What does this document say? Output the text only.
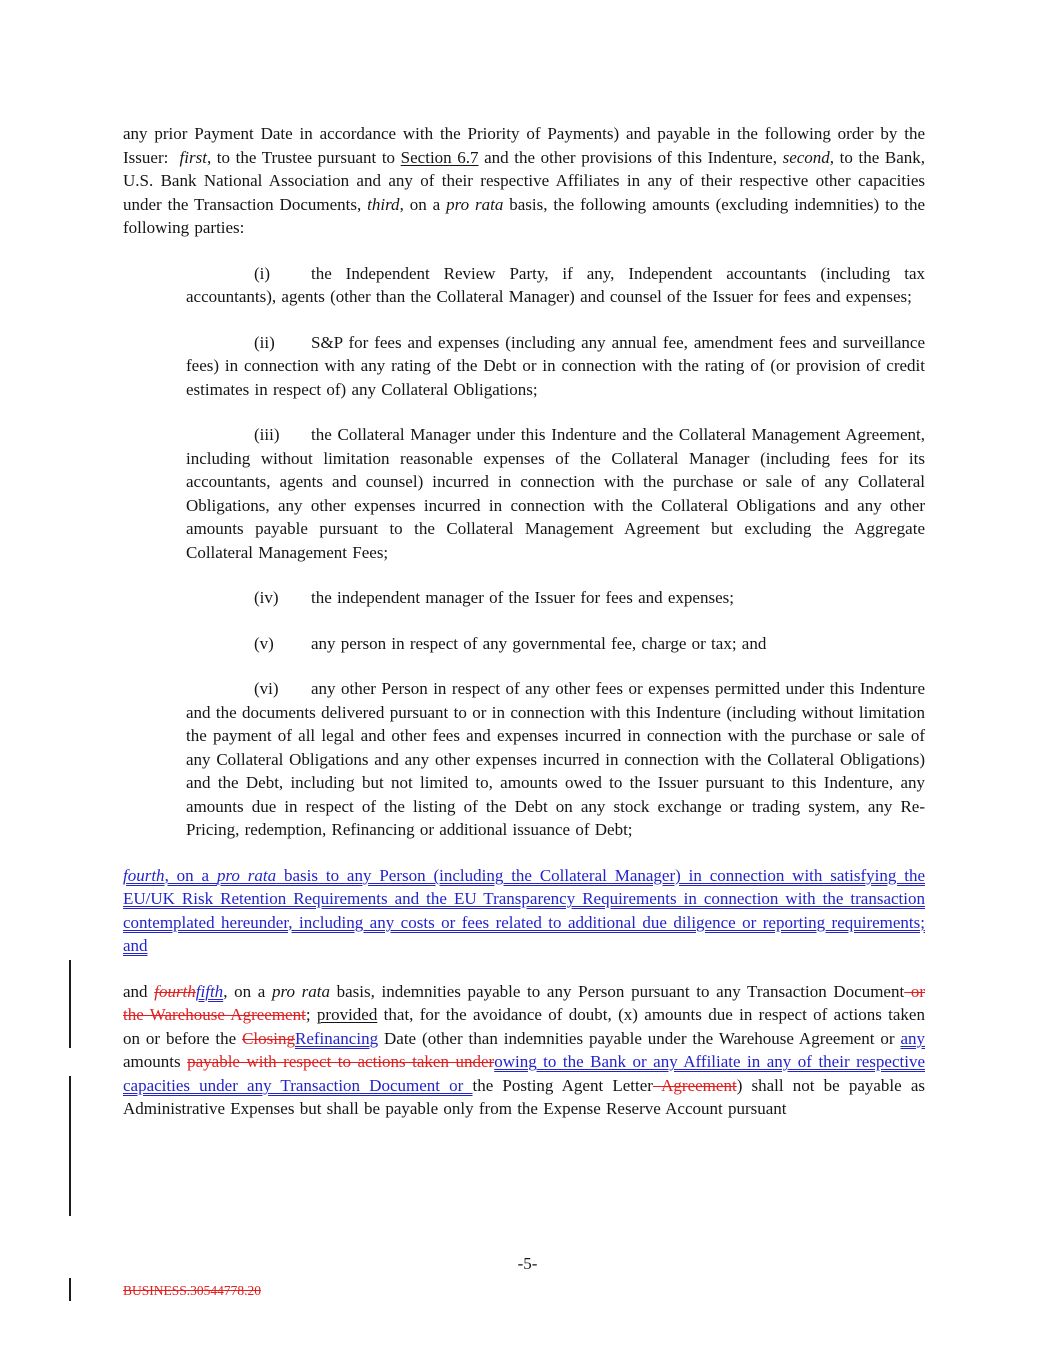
any prior Payment Date in accordance with the Priority of Payments) and payable in the following order by the Issuer:  first, to the Trustee pursuant to Section 6.7 and the other provisions of this Indenture, second, to the Bank, U.S. Bank National Association and any of their respective Affiliates in any of their respective other capacities under the Transaction Documents, third, on a pro rata basis, the following amounts (excluding indemnities) to the following parties:
(i) the Independent Review Party, if any, Independent accountants (including tax accountants), agents (other than the Collateral Manager) and counsel of the Issuer for fees and expenses;
(ii) S&P for fees and expenses (including any annual fee, amendment fees and surveillance fees) in connection with any rating of the Debt or in connection with the rating of (or provision of credit estimates in respect of) any Collateral Obligations;
(iii) the Collateral Manager under this Indenture and the Collateral Management Agreement, including without limitation reasonable expenses of the Collateral Manager (including fees for its accountants, agents and counsel) incurred in connection with the purchase or sale of any Collateral Obligations, any other expenses incurred in connection with the Collateral Obligations and any other amounts payable pursuant to the Collateral Management Agreement but excluding the Aggregate Collateral Management Fees;
(iv) the independent manager of the Issuer for fees and expenses;
(v) any person in respect of any governmental fee, charge or tax; and
(vi) any other Person in respect of any other fees or expenses permitted under this Indenture and the documents delivered pursuant to or in connection with this Indenture (including without limitation the payment of all legal and other fees and expenses incurred in connection with the purchase or sale of any Collateral Obligations and any other expenses incurred in connection with the Collateral Obligations) and the Debt, including but not limited to, amounts owed to the Issuer pursuant to this Indenture, any amounts due in respect of the listing of the Debt on any stock exchange or trading system, any Re-Pricing, redemption, Refinancing or additional issuance of Debt;
fourth, on a pro rata basis to any Person (including the Collateral Manager) in connection with satisfying the EU/UK Risk Retention Requirements and the EU Transparency Requirements in connection with the transaction contemplated hereunder, including any costs or fees related to additional due diligence or reporting requirements; and
and fourthfifth, on a pro rata basis, indemnities payable to any Person pursuant to any Transaction Document or the Warehouse Agreement; provided that, for the avoidance of doubt, (x) amounts due in respect of actions taken on or before the ClosingRefinancing Date (other than indemnities payable under the Warehouse Agreement or any amounts payable with respect to actions taken underowing to the Bank or any Affiliate in any of their respective capacities under any Transaction Document or the Posting Agent Letter Agreement) shall not be payable as Administrative Expenses but shall be payable only from the Expense Reserve Account pursuant
-5-
BUSINESS.30544778.20
